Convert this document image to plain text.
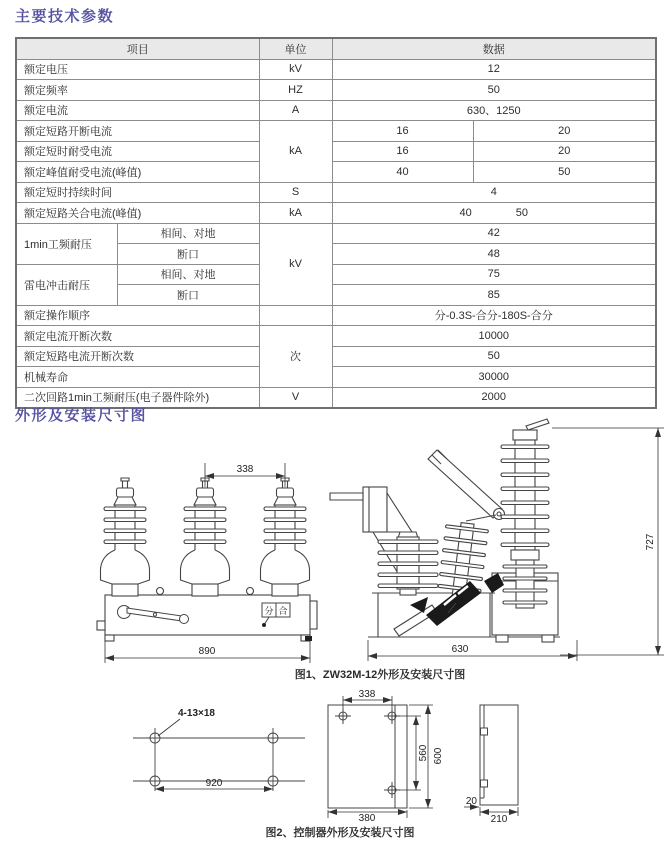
主要技术参数
项目		单位	数据	
额定电压		kV	12	
额定频率		HZ	50	
额定电流		A	630、1250	
额定短路开断电流		kA	16	20
额定短时耐受电流			16	20
额定峰值耐受电流(峰值)			40	50
额定短时持续时间		S	4	
额定短路关合电流(峰值)		kA	40 50	

1min工频耐压	相间、对地	kV	42	
	断口		48	
雷电冲击耐压	相间、对地		75	
	断口		85	
额定操作顺序			分-0.3S-合分-180S-合分	
额定电流开断次数		次	10000	
额定短路电流开断次数			50	
机械寿命			30000	
二次回路1min工频耐压(电子器件除外)		V	2000	
外形及安装尺寸图
分 合
338
890
727
630
图1、ZW32M-12外形及安装尺寸图
4-13×18
920
338
560 600
380
20
210
图2、控制器外形及安装尺寸图
